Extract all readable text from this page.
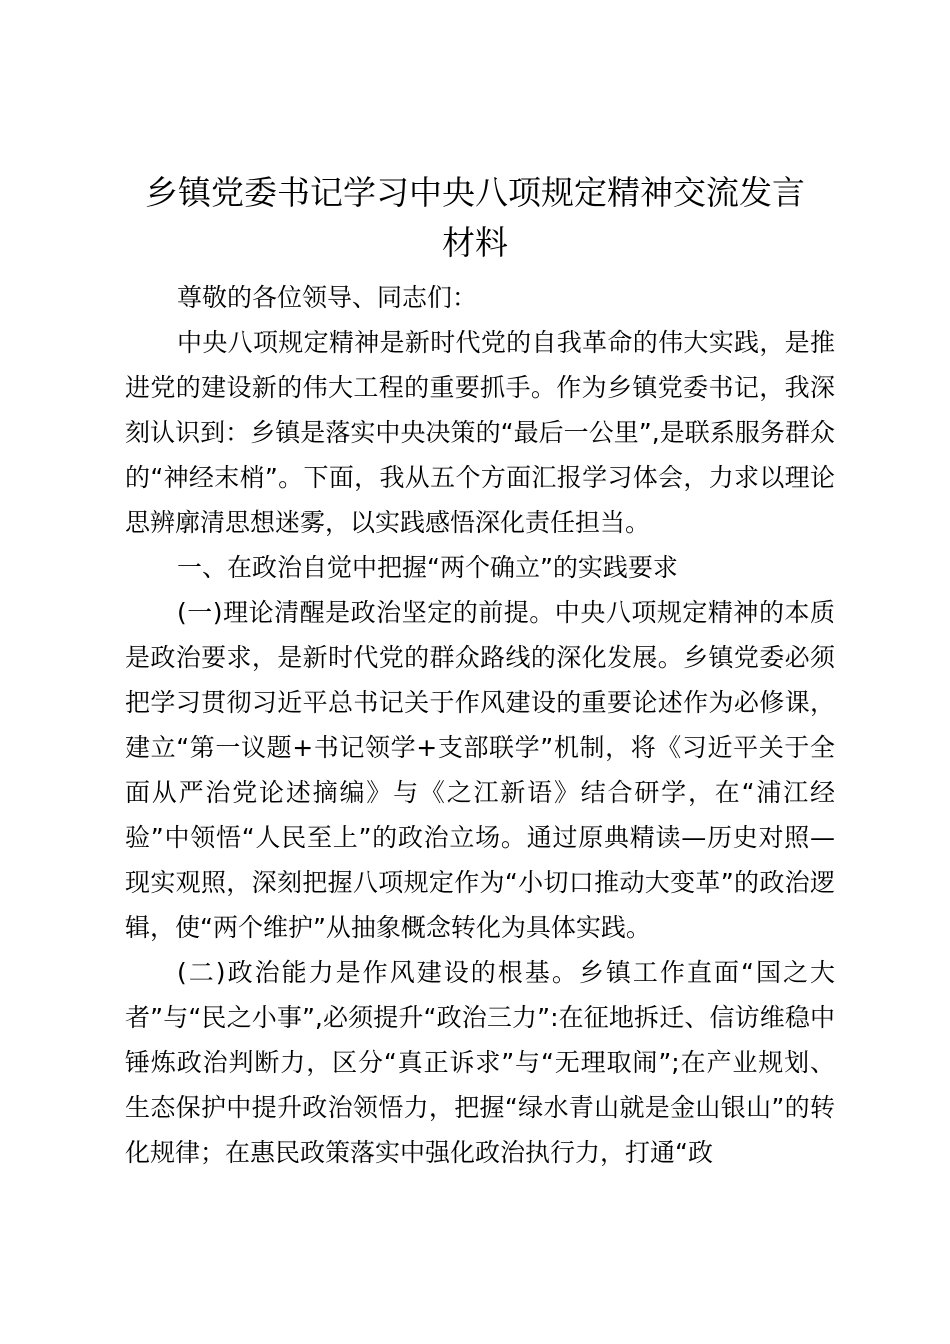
乡镇党委书记学习中央八项规定精神交流发言
材料

尊敬的各位领导、同志们：

中央八项规定精神是新时代党的自我革命的伟大实践，是推进党的建设新的伟大工程的重要抓手。作为乡镇党委书记，我深刻认识到：乡镇是落实中央决策的“最后一公里”,是联系服务群众的“神经末梢”。下面，我从五个方面汇报学习体会，力求以理论思辨廓清思想迷雾，以实践感悟深化责任担当。

一、在政治自觉中把握“两个确立”的实践要求

(一)理论清醒是政治坚定的前提。中央八项规定精神的本质是政治要求，是新时代党的群众路线的深化发展。乡镇党委必须把学习贯彻习近平总书记关于作风建设的重要论述作为必修课，建立“第一议题+书记领学+支部联学”机制，将《习近平关于全面从严治党论述摘编》与《之江新语》结合研学，在“浦江经验”中领悟“人民至上”的政治立场。通过原典精读—历史对照—现实观照，深刻把握八项规定作为“小切口推动大变革”的政治逻辑，使“两个维护”从抽象概念转化为具体实践。

(二)政治能力是作风建设的根基。乡镇工作直面“国之大者”与“民之小事”,必须提升“政治三力”:在征地拆迁、信访维稳中锤炼政治判断力，区分“真正诉求”与“无理取闹”;在产业规划、生态保护中提升政治领悟力，把握“绿水青山就是金山银山”的转化规律；在惠民政策落实中强化政治执行力，打通“政
